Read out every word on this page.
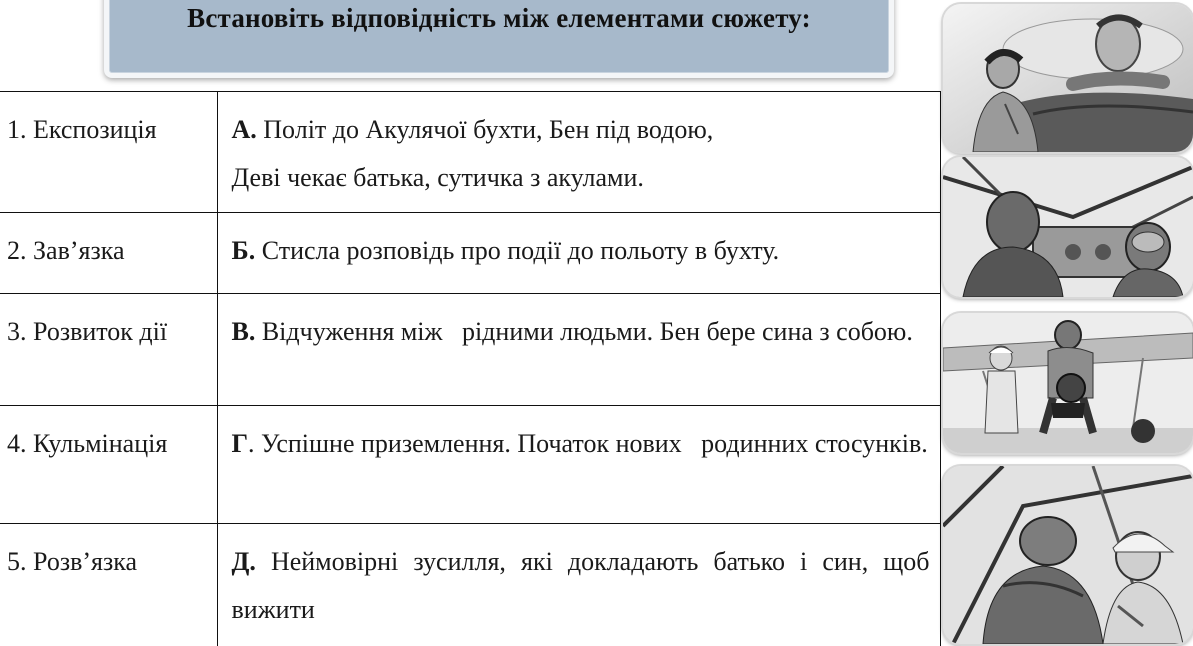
Встановіть відповідність між елементами сюжету:
1. Експозиція	А. Політ до Акулячої бухти, Бен під водою,
Деві чекає батька, сутичка з акулами.
2. Зав’язка	Б. Стисла розповідь про події до польоту в бухту.
3. Розвиток дії	В. Відчуження між   рідними людьми. Бен бере сина з собою.
4. Кульмінація	Г. Успішне приземлення. Початок нових   родинних стосунків.
5. Розв’язка	Д. Неймовірні зусилля, які докладають батько і син, щоб вижити
